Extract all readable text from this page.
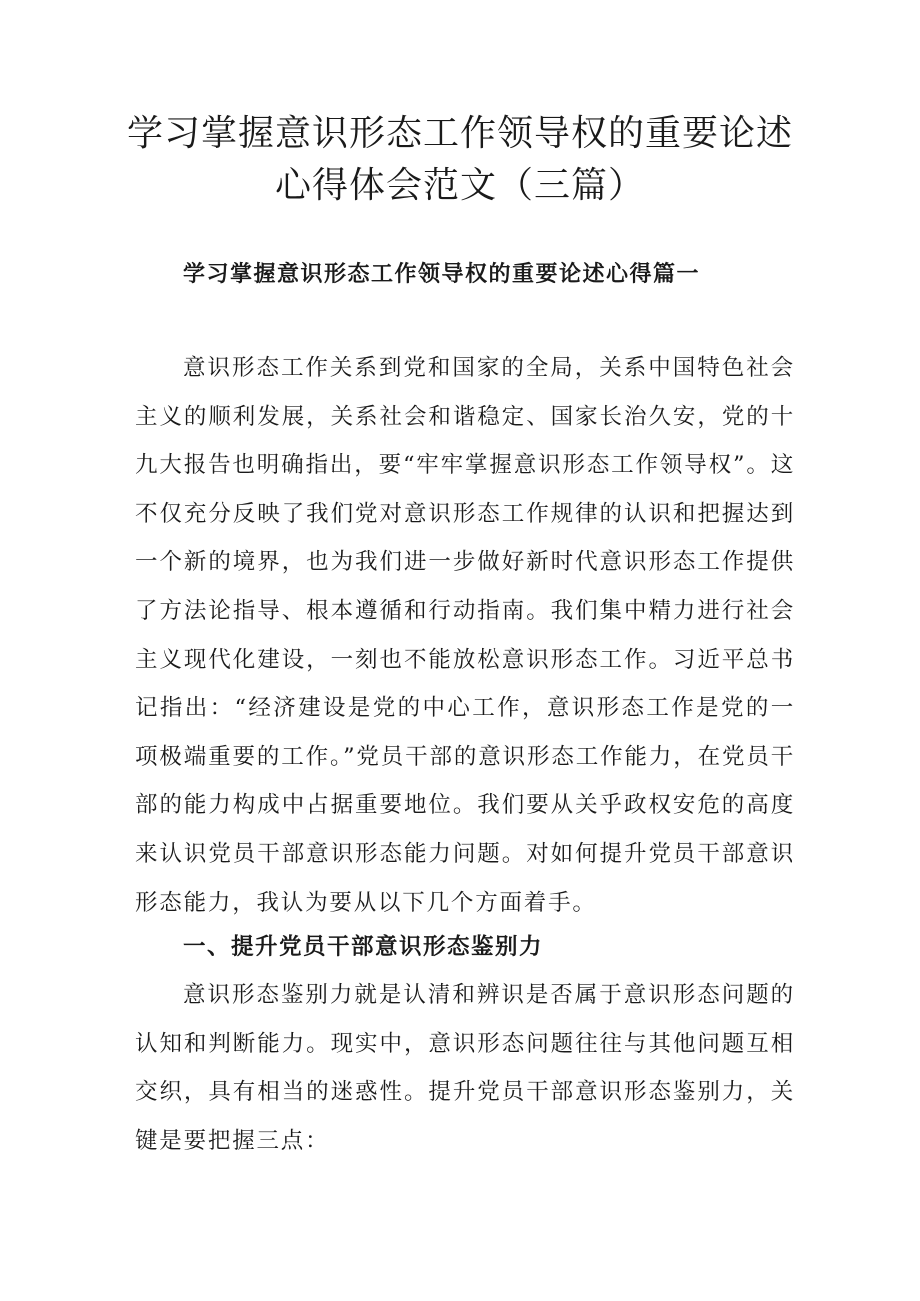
学习掌握意识形态工作领导权的重要论述
心得体会范文（三篇）
学习掌握意识形态工作领导权的重要论述心得篇一

意识形态工作关系到党和国家的全局，关系中国特色社会主义的顺利发展，关系社会和谐稳定、国家长治久安，党的十九大报告也明确指出，要“牢牢掌握意识形态工作领导权”。这不仅充分反映了我们党对意识形态工作规律的认识和把握达到一个新的境界，也为我们进一步做好新时代意识形态工作提供了方法论指导、根本遵循和行动指南。我们集中精力进行社会主义现代化建设，一刻也不能放松意识形态工作。习近平总书记指出：“经济建设是党的中心工作，意识形态工作是党的一项极端重要的工作。”党员干部的意识形态工作能力，在党员干部的能力构成中占据重要地位。我们要从关乎政权安危的高度来认识党员干部意识形态能力问题。对如何提升党员干部意识形态能力，我认为要从以下几个方面着手。

一、提升党员干部意识形态鉴别力

意识形态鉴别力就是认清和辨识是否属于意识形态问题的认知和判断能力。现实中，意识形态问题往往与其他问题互相交织，具有相当的迷惑性。提升党员干部意识形态鉴别力，关键是要把握三点：
